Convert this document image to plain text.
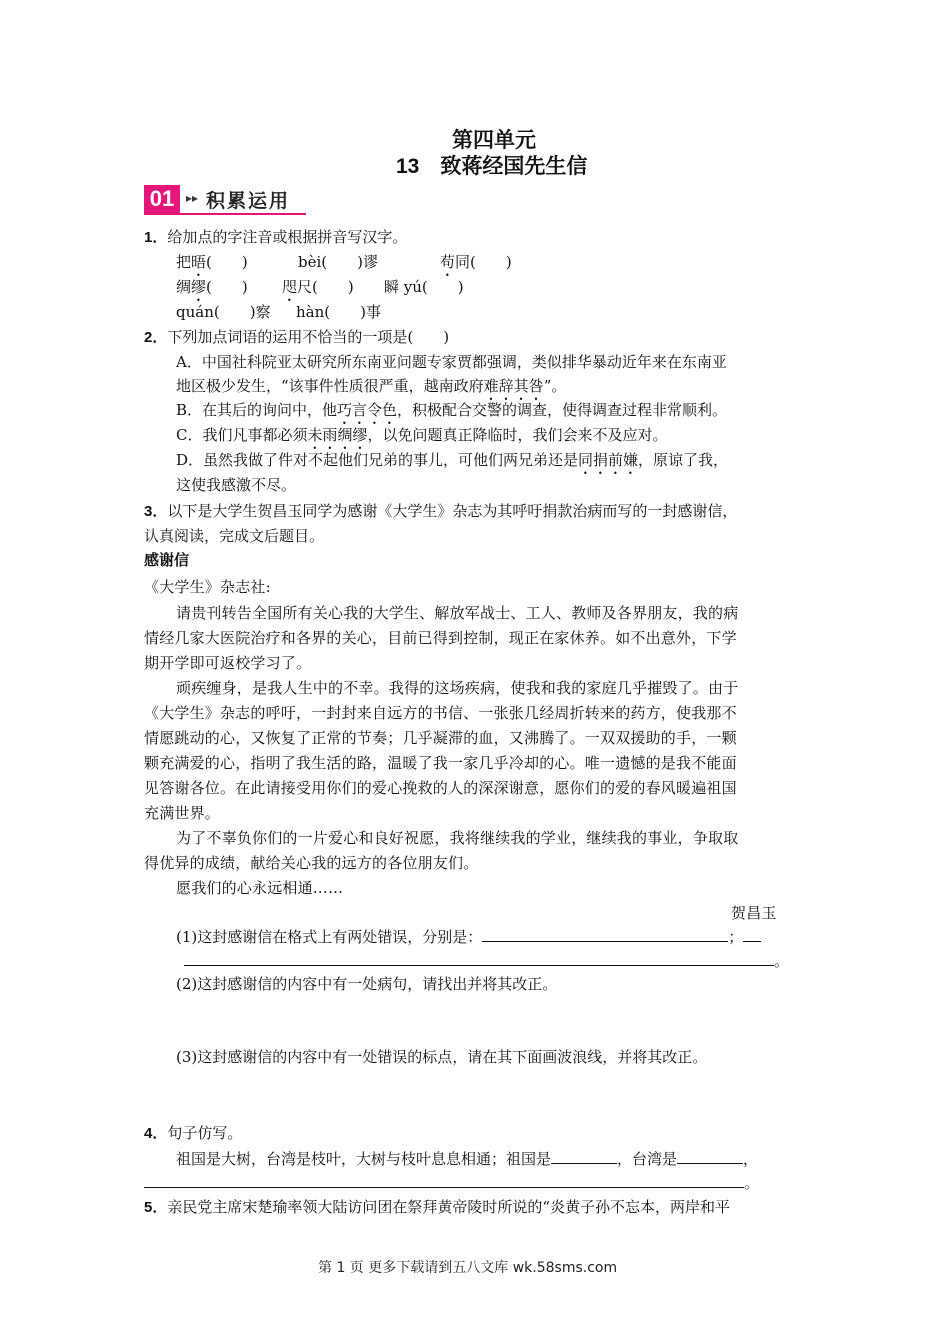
第四单元
13　致蒋经国先生信
01 ▸▸ 积累运用
1．给加点的字注音或根据拼音写汉字。
把晤(　　)	bèi(　　)谬	苟同(　　)
绸缪(　　) 咫尺(　　) 瞬 yú(　　)
quán(　　)察 hàn(　　)事
2．下列加点词语的运用不恰当的一项是(　　)
A．中国社科院亚太研究所东南亚问题专家贾都强调，类似排华暴动近年来在东南亚
地区极少发生，“该事件性质很严重，越南政府难辞其咎”。
B．在其后的询问中，他巧言令色，积极配合交警的调查，使得调查过程非常顺利。
C．我们凡事都必须未雨绸缪，以免问题真正降临时，我们会来不及应对。
D．虽然我做了件对不起他们兄弟的事儿，可他们两兄弟还是同捐前嫌，原谅了我，
这使我感激不尽。
3．以下是大学生贺昌玉同学为感谢《大学生》杂志为其呼吁捐款治病而写的一封感谢信，
认真阅读，完成文后题目。
感谢信
《大学生》杂志社:
请贵刊转告全国所有关心我的大学生、解放军战士、工人、教师及各界朋友，我的病
情经几家大医院治疗和各界的关心，目前已得到控制，现正在家休养。如不出意外，下学
期开学即可返校学习了。
顽疾缠身，是我人生中的不幸。我得的这场疾病，使我和我的家庭几乎摧毁了。由于
《大学生》杂志的呼吁，一封封来自远方的书信、一张张几经周折转来的药方，使我那不
情愿跳动的心，又恢复了正常的节奏；几乎凝滞的血，又沸腾了。一双双援助的手，一颗
颗充满爱的心，指明了我生活的路，温暖了我一家几乎冷却的心。唯一遗憾的是我不能面
见答谢各位。在此请接受用你们的爱心挽救的人的深深谢意，愿你们的爱的春风暖遍祖国
充满世界。
为了不辜负你们的一片爱心和良好祝愿，我将继续我的学业，继续我的事业，争取取
得优异的成绩，献给关心我的远方的各位朋友们。
愿我们的心永远相通……
贺昌玉
(1)这封感谢信在格式上有两处错误，分别是：	；
。
(2)这封感谢信的内容中有一处病句，请找出并将其改正。
(3)这封感谢信的内容中有一处错误的标点，请在其下面画波浪线，并将其改正。
4．句子仿写。
祖国是大树，台湾是枝叶，大树与枝叶息息相通；祖国是	，台湾是	，
。
5．亲民党主席宋楚瑜率领大陆访问团在祭拜黄帝陵时所说的“炎黄子孙不忘本，两岸和平
第 1 页 更多下载请到五八文库 wk.58sms.com
